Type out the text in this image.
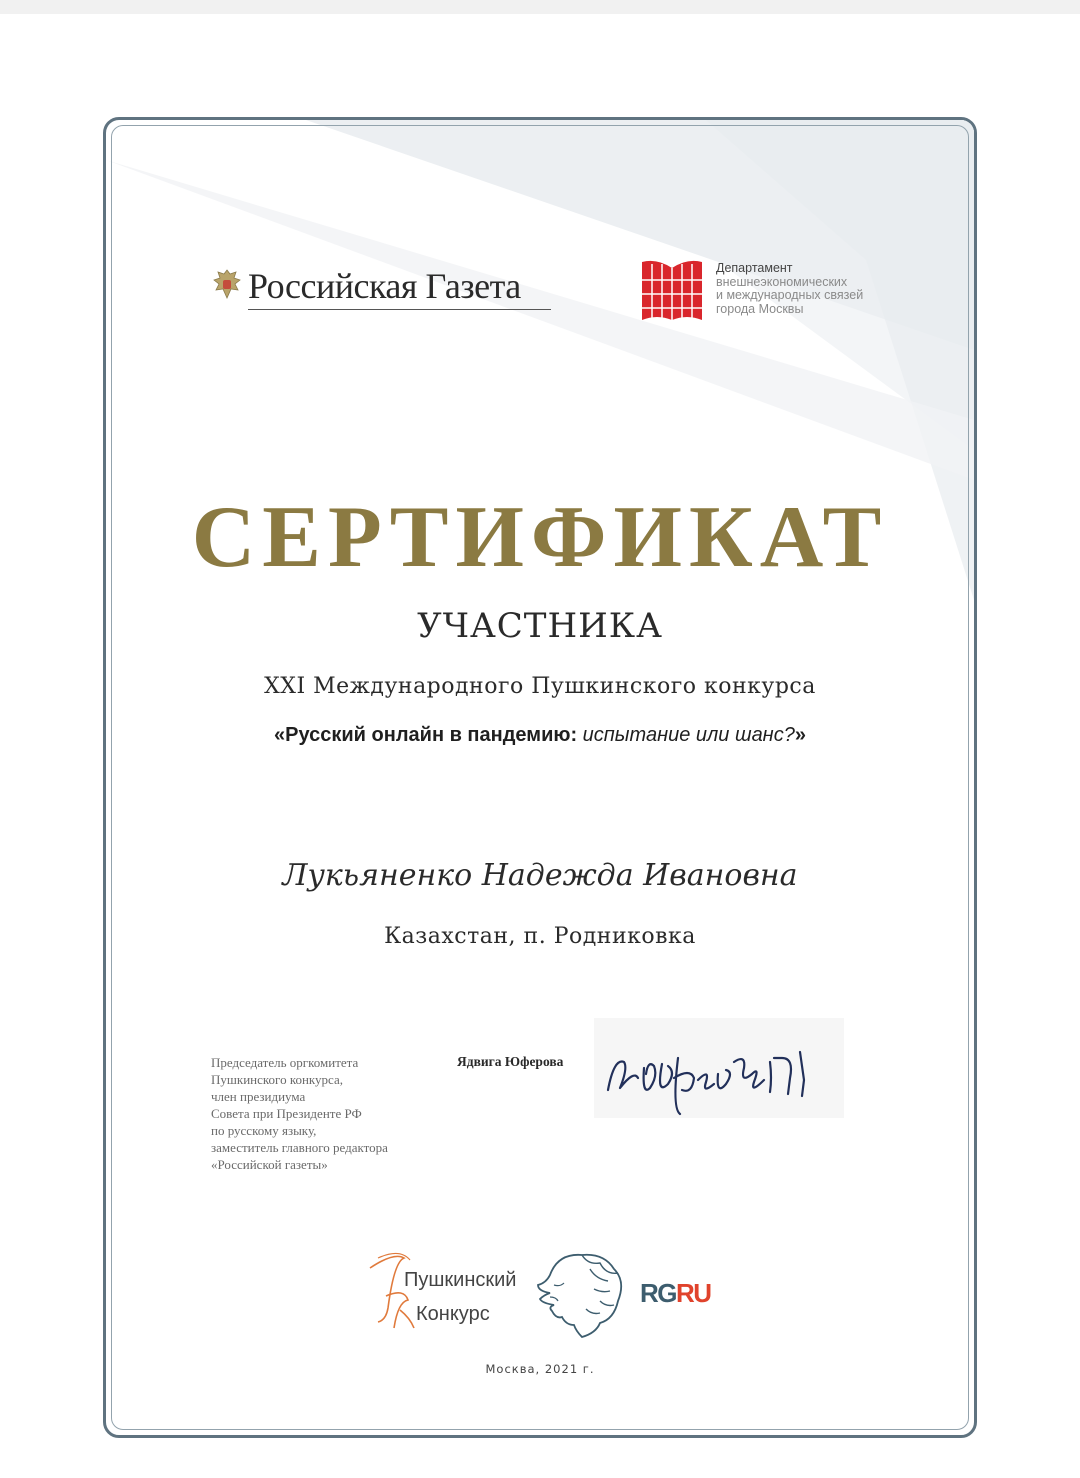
Российская Газета	Департамент
внешнеэкономических
и международных связей
города Москвы
СЕРТИФИКАТ
УЧАСТНИКА
XXI Международного Пушкинского конкурса
«Русский онлайн в пандемию: испытание или шанс?»
Лукьяненко Надежда Ивановна
Казахстан, п. Родниковка
Председатель оргкомитета
Пушкинского конкурса,
член президиума
Совета при Президенте РФ
по русскому языку,
заместитель главного редактора
«Российской газеты»
Ядвига Юферова
Пушкинский
Конкурс
RGRU
Москва, 2021 г.
